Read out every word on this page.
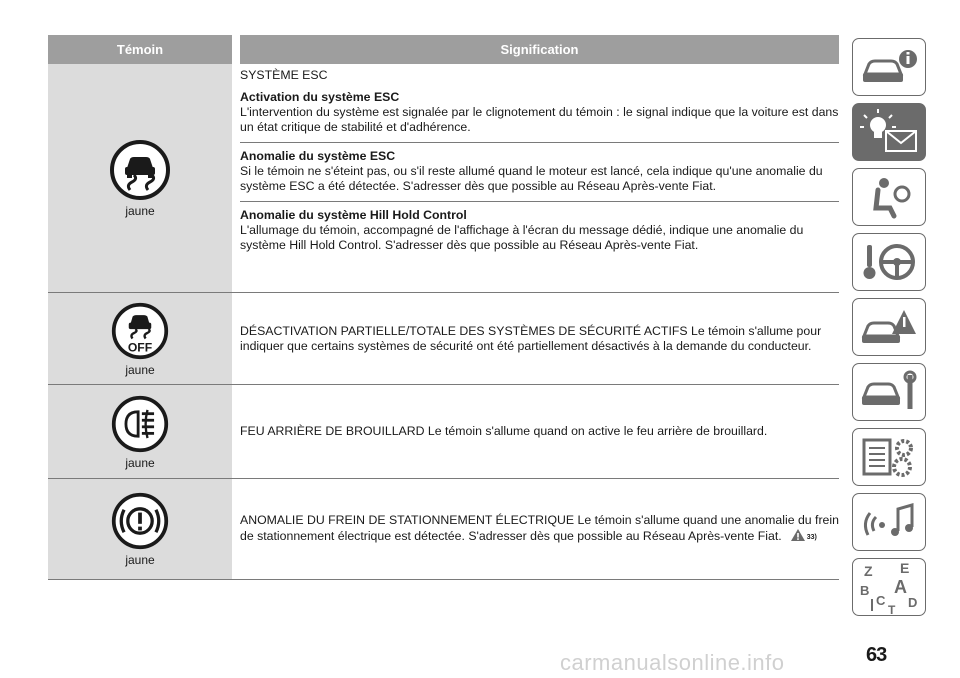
Témoin	Signification
jaune
SYSTÈME ESC
Activation du système ESC
L'intervention du système est signalée par le clignotement du témoin : le signal indique que la voiture est dans un état critique de stabilité et d'adhérence.
Anomalie du système ESC
Si le témoin ne s'éteint pas, ou s'il reste allumé quand le moteur est lancé, cela indique qu'une anomalie du système ESC a été détectée. S'adresser dès que possible au Réseau Après-vente Fiat.
Anomalie du système Hill Hold Control
L'allumage du témoin, accompagné de l'affichage à l'écran du message dédié, indique une anomalie du système Hill Hold Control. S'adresser dès que possible au Réseau Après-vente Fiat.
OFF
jaune
DÉSACTIVATION PARTIELLE/TOTALE DES SYSTÈMES DE SÉCURITÉ ACTIFS Le témoin s'allume pour indiquer que certains systèmes de sécurité ont été partiellement désactivés à la demande du conducteur.
jaune
FEU ARRIÈRE DE BROUILLARD Le témoin s'allume quand on active le feu arrière de brouillard.
jaune
ANOMALIE DU FREIN DE STATIONNEMENT ÉLECTRIQUE Le témoin s'allume quand une anomalie du frein de stationnement électrique est détectée. S'adresser dès que possible au Réseau Après-vente Fiat.	33)
Z E
B A
C D
T
63
carmanualsonline.info
